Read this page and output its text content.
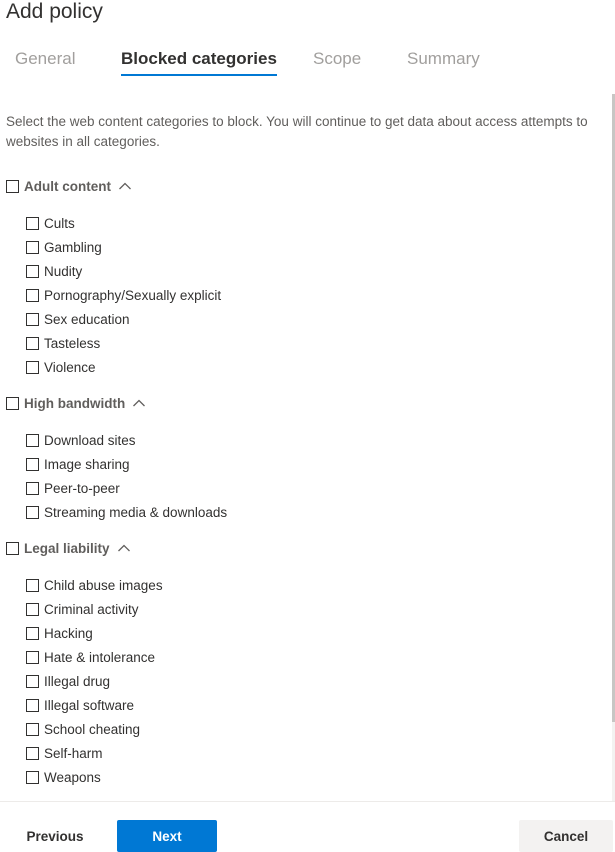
Add policy
General	Blocked categories Scope	Summary
Select the web content categories to block. You will continue to get data about access attempts to websites in all categories.
Adult content
Cults
Gambling
Nudity
Pornography/Sexually explicit
Sex education
Tasteless
Violence
High bandwidth
Download sites
Image sharing
Peer-to-peer
Streaming media & downloads
Legal liability
Child abuse images
Criminal activity
Hacking
Hate & intolerance
Illegal drug
Illegal software
School cheating
Self-harm
Weapons
Previous	Next	Cancel
